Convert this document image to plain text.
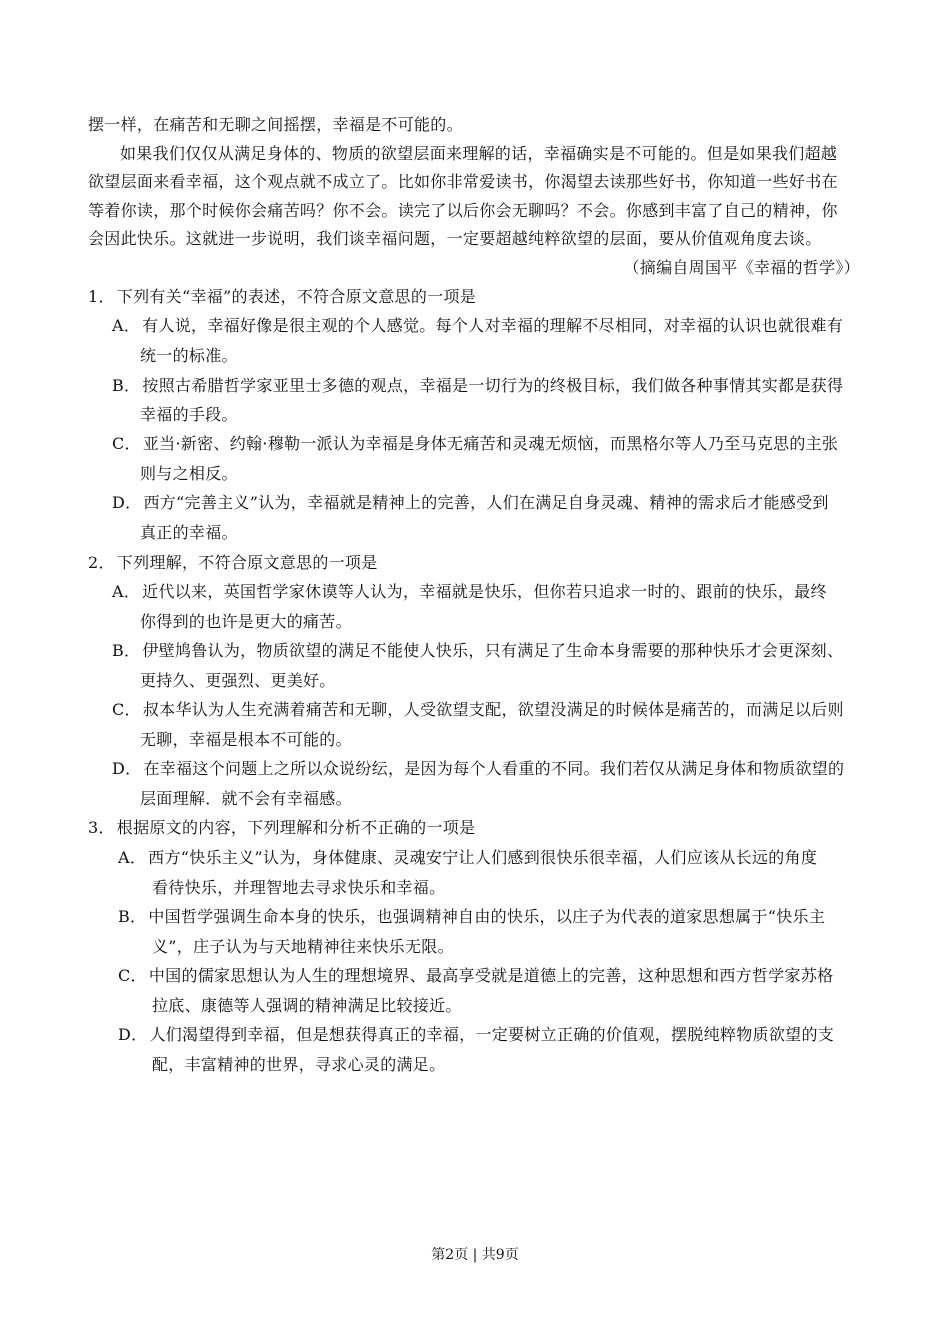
摆一样，在痛苦和无聊之间摇摆，幸福是不可能的。
如果我们仅仅从满足身体的、物质的欲望层面来理解的话，幸福确实是不可能的。但是如果我们超越
欲望层面来看幸福，这个观点就不成立了。比如你非常爱读书，你渴望去读那些好书，你知道一些好书在
等着你读，那个时候你会痛苦吗？你不会。读完了以后你会无聊吗？不会。你感到丰富了自己的精神，你
会因此快乐。这就进一步说明，我们谈幸福问题，一定要超越纯粹欲望的层面，要从价值观角度去谈。
（摘编自周国平《幸福的哲学》）
1． 下列有关“幸福”的表述，不符合原文意思的一项是
A． 有人说，幸福好像是很主观的个人感觉。每个人对幸福的理解不尽相同，对幸福的认识也就很难有
统一的标准。
B． 按照古希腊哲学家亚里士多德的观点，幸福是一切行为的终极目标，我们做各种事情其实都是获得
幸福的手段。
C． 亚当·新密、约翰·穆勒一派认为幸福是身体无痛苦和灵魂无烦恼，而黑格尔等人乃至马克思的主张
则与之相反。
D． 西方“完善主义”认为，幸福就是精神上的完善，人们在满足自身灵魂、精神的需求后才能感受到
真正的幸福。
2． 下列理解，不符合原文意思的一项是
A． 近代以来，英国哲学家休谟等人认为，幸福就是快乐，但你若只追求一时的、跟前的快乐，最终
你得到的也许是更大的痛苦。
B． 伊壁鸠鲁认为，物质欲望的满足不能使人快乐，只有满足了生命本身需要的那种快乐才会更深刻、
更持久、更强烈、更美好。
C． 叔本华认为人生充满着痛苦和无聊，人受欲望支配，欲望没满足的时候体是痛苦的，而满足以后则
无聊，幸福是根本不可能的。
D． 在幸福这个问题上之所以众说纷纭，是因为每个人看重的不同。我们若仅从满足身体和物质欲望的
层面理解．就不会有幸福感。
3． 根据原文的内容，下列理解和分析不正确的一项是
A． 西方“快乐主义”认为，身体健康、灵魂安宁让人们感到很快乐很幸福，人们应该从长远的角度
看待快乐，并理智地去寻求快乐和幸福。
B． 中国哲学强调生命本身的快乐，也强调精神自由的快乐，以庄子为代表的道家思想属于“快乐主
义”，庄子认为与天地精神往来快乐无限。
C． 中国的儒家思想认为人生的理想境界、最高享受就是道德上的完善，这种思想和西方哲学家苏格
拉底、康德等人强调的精神满足比较接近。
D． 人们渴望得到幸福，但是想获得真正的幸福，一定要树立正确的价值观，摆脱纯粹物质欲望的支
配，丰富精神的世界，寻求心灵的满足。
第2页 | 共9页
